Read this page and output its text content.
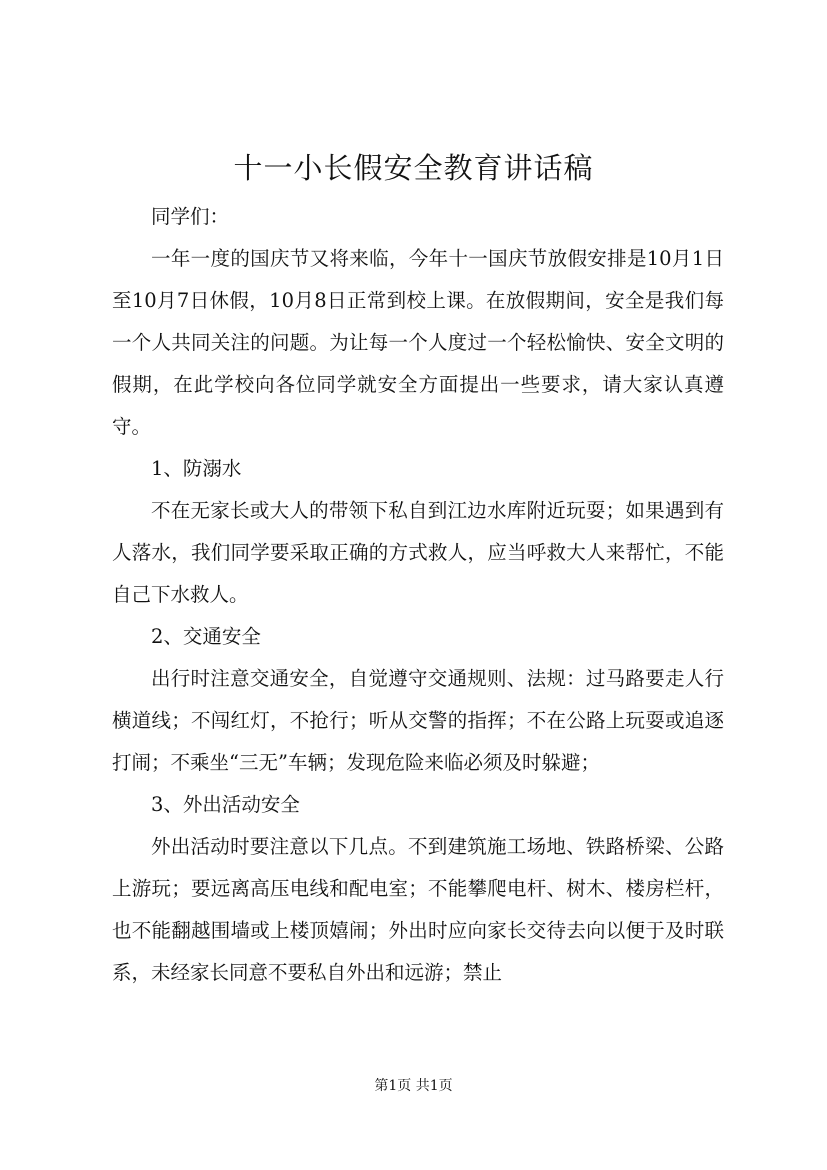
十一小长假安全教育讲话稿

同学们：

一年一度的国庆节又将来临，今年十一国庆节放假安排是10月1日至10月7日休假，10月8日正常到校上课。在放假期间，安全是我们每一个人共同关注的问题。为让每一个人度过一个轻松愉快、安全文明的假期，在此学校向各位同学就安全方面提出一些要求，请大家认真遵守。

1、防溺水

不在无家长或大人的带领下私自到江边水库附近玩耍；如果遇到有人落水，我们同学要采取正确的方式救人，应当呼救大人来帮忙，不能自己下水救人。

2、交通安全

出行时注意交通安全，自觉遵守交通规则、法规：过马路要走人行横道线；不闯红灯，不抢行；听从交警的指挥；不在公路上玩耍或追逐打闹；不乘坐“三无”车辆；发现危险来临必须及时躲避；

3、外出活动安全

外出活动时要注意以下几点。不到建筑施工场地、铁路桥梁、公路上游玩；要远离高压电线和配电室；不能攀爬电杆、树木、楼房栏杆，也不能翻越围墙或上楼顶嬉闹；外出时应向家长交待去向以便于及时联系，未经家长同意不要私自外出和远游；禁止

第1页 共1页
